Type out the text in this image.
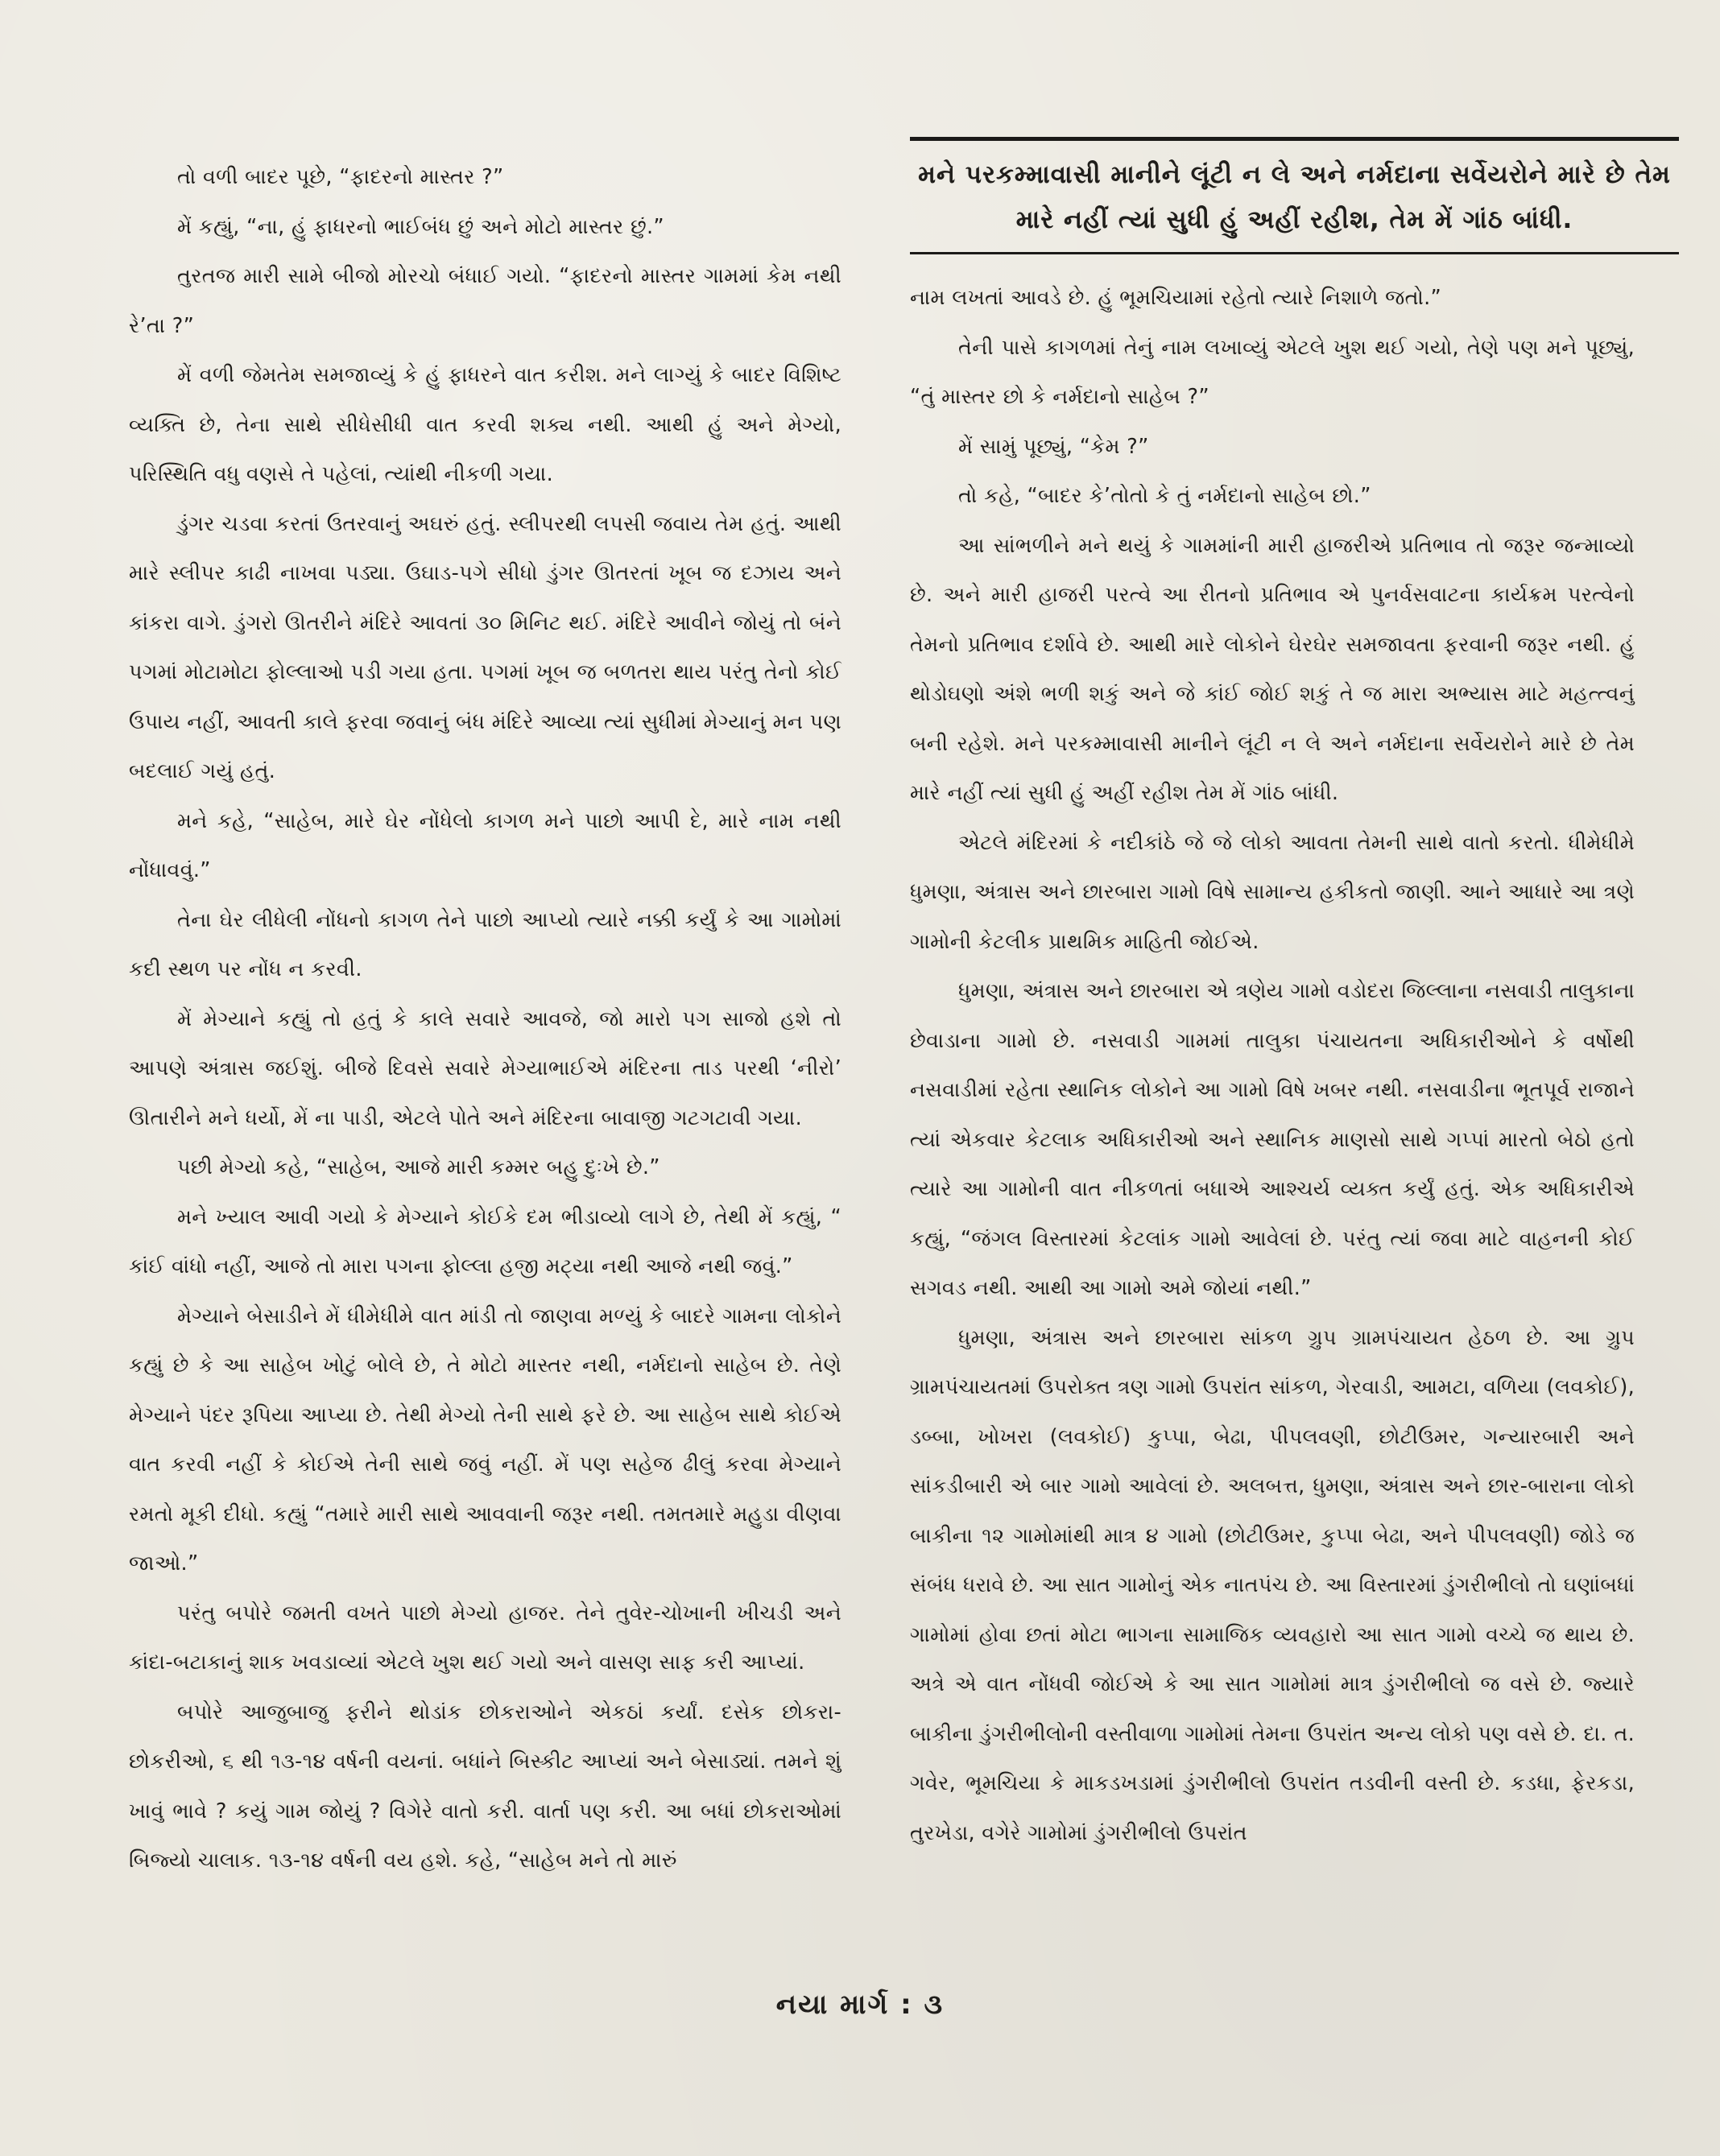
મને પરકમ્માવાસી માનીને લૂંટી ન લે અને નર્મદાના સર્વેયરોને મારે છે તેમ મારે નહીં ત્યાં સુધી હું અહીં રહીશ, તેમ મેં ગાંઠ બાંધી.

તો વળી બાદર પૂછે, “ફાદરનો માસ્તર ?”

મેં કહ્યું, “ના, હું ફાધરનો ભાઈબંધ છું અને મોટો માસ્તર છું.”

તુરતજ મારી સામે બીજો મોરચો બંધાઈ ગયો. “ફાદરનો માસ્તર ગામમાં કેમ નથી રે’તા ?”

મેં વળી જેમતેમ સમજાવ્યું કે હું ફાધરને વાત કરીશ. મને લાગ્યું કે બાદર વિશિષ્ટ વ્યક્તિ છે, તેના સાથે સીધેસીધી વાત કરવી શક્ય નથી. આથી હું અને મેગ્યો, પરિસ્થિતિ વધુ વણસે તે પહેલાં, ત્યાંથી નીકળી ગયા.

ડુંગર ચડવા કરતાં ઉતરવાનું અઘરું હતું. સ્લીપરથી લપસી જવાય તેમ હતું. આથી મારે સ્લીપર કાઢી નાખવા પડ્યા. ઉઘાડ-પગે સીધો ડુંગર ઊતરતાં ખૂબ જ દઝાય અને કાંકરા વાગે. ડુંગરો ઊતરીને મંદિરે આવતાં ૩૦ મિનિટ થઈ. મંદિરે આવીને જોયું તો બંને પગમાં મોટામોટા ફોલ્લાઓ પડી ગયા હતા. પગમાં ખૂબ જ બળતરા થાય પરંતુ તેનો કોઈ ઉપાય નહીં, આવતી કાલે ફરવા જવાનું બંધ મંદિરે આવ્યા ત્યાં સુધીમાં મેગ્યાનું મન પણ બદલાઈ ગયું હતું.

મને કહે, “સાહેબ, મારે ઘેર નોંધેલો કાગળ મને પાછો આપી દે, મારે નામ નથી નોંધાવવું.”

તેના ઘેર લીધેલી નોંધનો કાગળ તેને પાછો આપ્યો ત્યારે નક્કી કર્યું કે આ ગામોમાં કદી સ્થળ પર નોંધ ન કરવી.

મેં મેગ્યાને કહ્યું તો હતું કે કાલે સવારે આવજે, જો મારો પગ સાજો હશે તો આપણે અંત્રાસ જઈશું. બીજે દિવસે સવારે મેગ્યાભાઈએ મંદિરના તાડ પરથી ‘નીરો’ ઊતારીને મને ધર્યો, મેં ના પાડી, એટલે પોતે અને મંદિરના બાવાજી ગટગટાવી ગયા.

પછી મેગ્યો કહે, “સાહેબ, આજે મારી કમ્મર બહુ દુઃખે છે.”

મને ખ્યાલ આવી ગયો કે મેગ્યાને કોઈકે દમ ભીડાવ્યો લાગે છે, તેથી મેં કહ્યું, “ કાંઈ વાંધો નહીં, આજે તો મારા પગના ફોલ્લા હજી મટ્યા નથી આજે નથી જવું.”

મેગ્યાને બેસાડીને મેં ધીમેધીમે વાત માંડી તો જાણવા મળ્યું કે બાદરે ગામના લોકોને કહ્યું છે કે આ સાહેબ ખોટું બોલે છે, તે મોટો માસ્તર નથી, નર્મદાનો સાહેબ છે. તેણે મેગ્યાને પંદર રૂપિયા આપ્યા છે. તેથી મેગ્યો તેની સાથે ફરે છે. આ સાહેબ સાથે કોઈએ વાત કરવી નહીં કે કોઈએ તેની સાથે જવું નહીં. મેં પણ સહેજ ઢીલું કરવા મેગ્યાને રમતો મૂકી દીધો. કહ્યું “તમારે મારી સાથે આવવાની જરૂર નથી. તમતમારે મહુડા વીણવા જાઓ.”

પરંતુ બપોરે જમતી વખતે પાછો મેગ્યો હાજર. તેને તુવેર-ચોખાની ખીચડી અને કાંદા-બટાકાનું શાક ખવડાવ્યાં એટલે ખુશ થઈ ગયો અને વાસણ સાફ કરી આપ્યાં.

બપોરે આજુબાજુ ફરીને થોડાંક છોકરાઓને એકઠાં કર્યાં. દસેક છોકરા-છોકરીઓ, ૬ થી ૧૩-૧૪ વર્ષની વયનાં. બધાંને બિસ્કીટ આપ્યાં અને બેસાડ્યાં. તમને શું ખાવું ભાવે ? કયું ગામ જોયું ? વિગેરે વાતો કરી. વાર્તા પણ કરી. આ બધાં છોકરાઓમાં બિજ્યો ચાલાક. ૧૩-૧૪ વર્ષની વય હશે. કહે, “સાહેબ મને તો મારું

નામ લખતાં આવડે છે. હું ભૂમચિયામાં રહેતો ત્યારે નિશાળે જતો.”

તેની પાસે કાગળમાં તેનું નામ લખાવ્યું એટલે ખુશ થઈ ગયો, તેણે પણ મને પૂછ્યું, “તું માસ્તર છો કે નર્મદાનો સાહેબ ?”

મેં સામું પૂછ્યું, “કેમ ?”

તો કહે, “બાદર કે’તોતો કે તું નર્મદાનો સાહેબ છો.”

આ સાંભળીને મને થયું કે ગામમાંની મારી હાજરીએ પ્રતિભાવ તો જરૂર જન્માવ્યો છે. અને મારી હાજરી પરત્વે આ રીતનો પ્રતિભાવ એ પુનર્વસવાટના કાર્યક્રમ પરત્વેનો તેમનો પ્રતિભાવ દર્શાવે છે. આથી મારે લોકોને ઘેરઘેર સમજાવતા ફરવાની જરૂર નથી. હું થોડોઘણો અંશે ભળી શકું અને જે કાંઈ જોઈ શકું તે જ મારા અભ્યાસ માટે મહત્ત્વનું બની રહેશે. મને પરકમ્માવાસી માનીને લૂંટી ન લે અને નર્મદાના સર્વેયરોને મારે છે તેમ મારે નહીં ત્યાં સુધી હું અહીં રહીશ તેમ મેં ગાંઠ બાંધી.

એટલે મંદિરમાં કે નદીકાંઠે જે જે લોકો આવતા તેમની સાથે વાતો કરતો. ધીમેધીમે ધુમણા, અંત્રાસ અને છારબારા ગામો વિષે સામાન્ય હકીકતો જાણી. આને આધારે આ ત્રણે ગામોની કેટલીક પ્રાથમિક માહિતી જોઈએ.

ધુમણા, અંત્રાસ અને છારબારા એ ત્રણેય ગામો વડોદરા જિલ્લાના નસવાડી તાલુકાના છેવાડાના ગામો છે. નસવાડી ગામમાં તાલુકા પંચાયતના અધિકારીઓને કે વર્ષોથી નસવાડીમાં રહેતા સ્થાનિક લોકોને આ ગામો વિષે ખબર નથી. નસવાડીના ભૂતપૂર્વ રાજાને ત્યાં એકવાર કેટલાક અધિકારીઓ અને સ્થાનિક માણસો સાથે ગપ્પાં મારતો બેઠો હતો ત્યારે આ ગામોની વાત નીકળતાં બધાએ આશ્ચર્ય વ્યક્ત કર્યું હતું. એક અધિકારીએ કહ્યું, “જંગલ વિસ્તારમાં કેટલાંક ગામો આવેલાં છે. પરંતુ ત્યાં જવા માટે વાહનની કોઈ સગવડ નથી. આથી આ ગામો અમે જોયાં નથી.”

ધુમણા, અંત્રાસ અને છારબારા સાંકળ ગ્રુપ ગ્રામપંચાયત હેઠળ છે. આ ગ્રુપ ગ્રામપંચાયતમાં ઉપરોક્ત ત્રણ ગામો ઉપરાંત સાંકળ, ગેરવાડી, આમટા, વળિયા (લવકોઈ), ડબ્બા, ખોખરા (લવકોઈ) કુપ્પા, બેઢા, પીપલવણી, છોટીઉમર, ગન્યારબારી અને સાંકડીબારી એ બાર ગામો આવેલાં છે. અલબત્ત, ધુમણા, અંત્રાસ અને છાર-બારાના લોકો બાકીના ૧૨ ગામોમાંથી માત્ર ૪ ગામો (છોટીઉમર, કુપ્પા બેઢા, અને પીપલવણી) જોડે જ સંબંધ ધરાવે છે. આ સાત ગામોનું એક નાતપંચ છે. આ વિસ્તારમાં ડુંગરીભીલો તો ઘણાંબધાં ગામોમાં હોવા છતાં મોટા ભાગના સામાજિક વ્યવહારો આ સાત ગામો વચ્ચે જ થાય છે. અત્રે એ વાત નોંધવી જોઈએ કે આ સાત ગામોમાં માત્ર ડુંગરીભીલો જ વસે છે. જ્યારે બાકીના ડુંગરીભીલોની વસ્તીવાળા ગામોમાં તેમના ઉપરાંત અન્ય લોકો પણ વસે છે. દા. ત. ગવેર, ભૂમચિયા કે માકડખડામાં ડુંગરીભીલો ઉપરાંત તડવીની વસ્તી છે. કડધા, ફેરકડા, તુરખેડા, વગેરે ગામોમાં ડુંગરીભીલો ઉપરાંત

નયા માર્ગ : ૩
